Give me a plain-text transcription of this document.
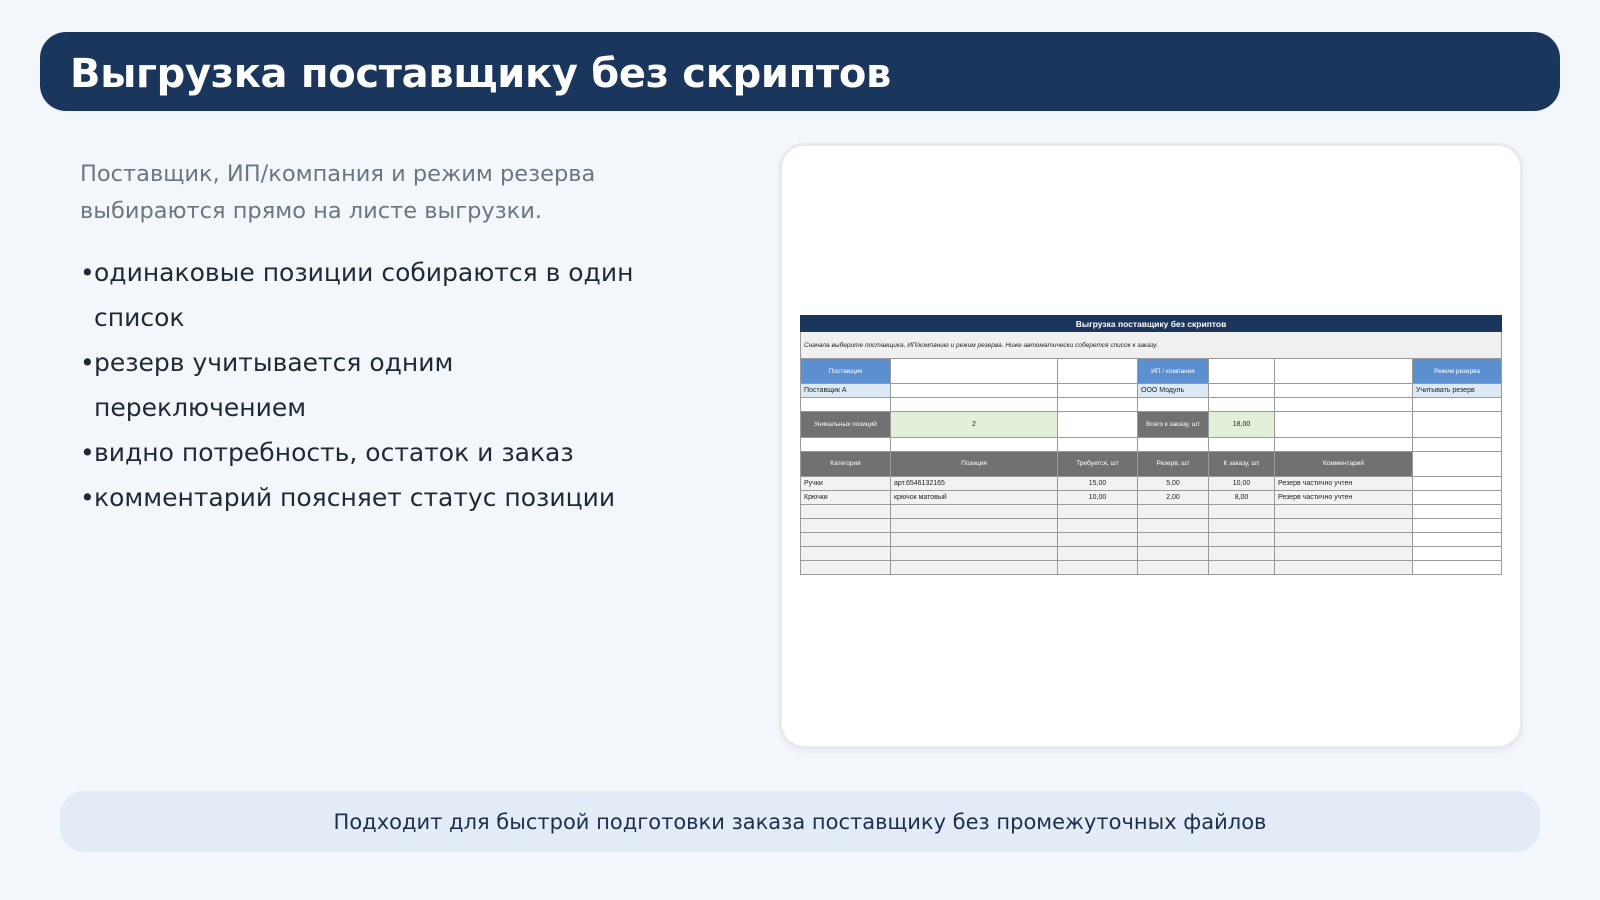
Выгрузка поставщику без скриптов

Поставщик, ИП/компания и режим резерва выбираются прямо на листе выгрузки.

• одинаковые позиции собираются в один список
• резерв учитывается одним переключением
• видно потребность, остаток и заказ
• комментарий поясняет статус позиции
Выгрузка поставщику без скриптов						
Сначала выберите поставщика, ИП/компанию и режим резерва. Ниже автоматически соберется список к заказу.						
Поставщик			ИП / компания			Режим резерва
Поставщик А			ООО Модуль			Учитывать резерв

Уникальных позиций	2		Всего к заказу, шт	18,00		

Категория	Позиция	Требуется, шт	Резерв, шт	К заказу, шт	Комментарий	
Ручки	арт.6546132165	15,00	5,00	10,00	Резерв частично учтен	
Крючки	крючок матовый	10,00	2,00	8,00	Резерв частично учтен	

Подходит для быстрой подготовки заказа поставщику без промежуточных файлов
